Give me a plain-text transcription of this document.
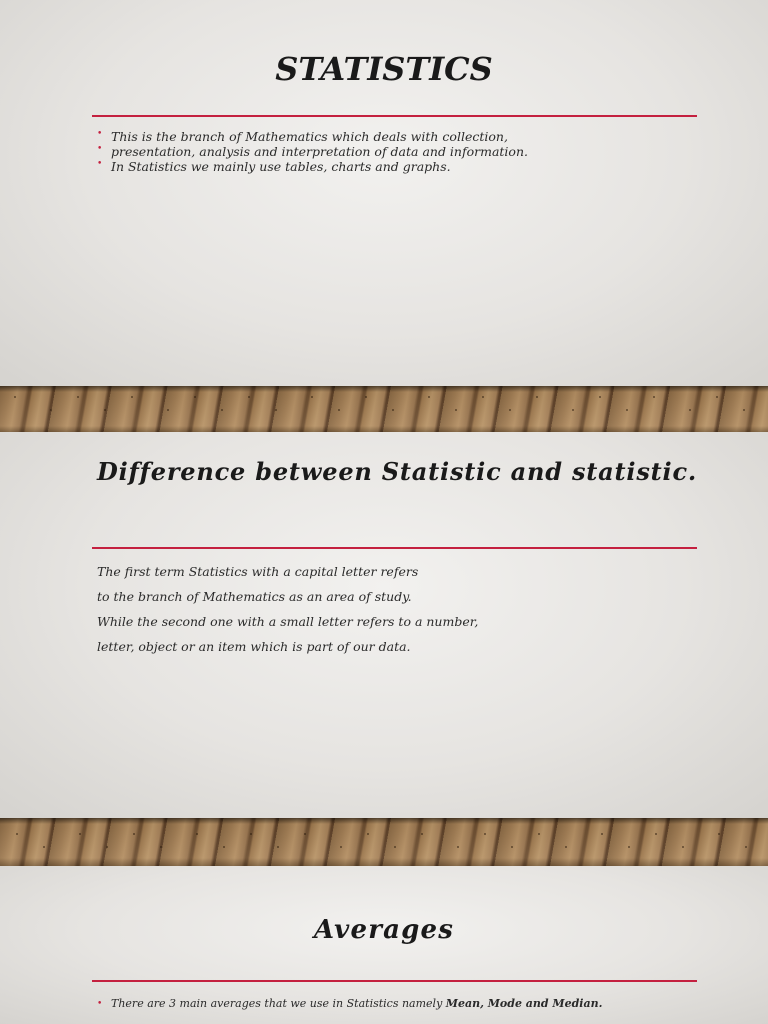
STATISTICS
• This is the branch of Mathematics which deals with collection,
• presentation, analysis and interpretation of data and information.
• In Statistics we mainly use tables, charts and graphs.
Difference between Statistic and statistic.
The first term Statistics with a capital letter refers
to the branch of Mathematics as an area of study.
While the second one with a small letter refers to a number,
letter, object or an item which is part of our data.
Averages
• There are 3 main averages that we use in Statistics namely Mean, Mode and Median.
